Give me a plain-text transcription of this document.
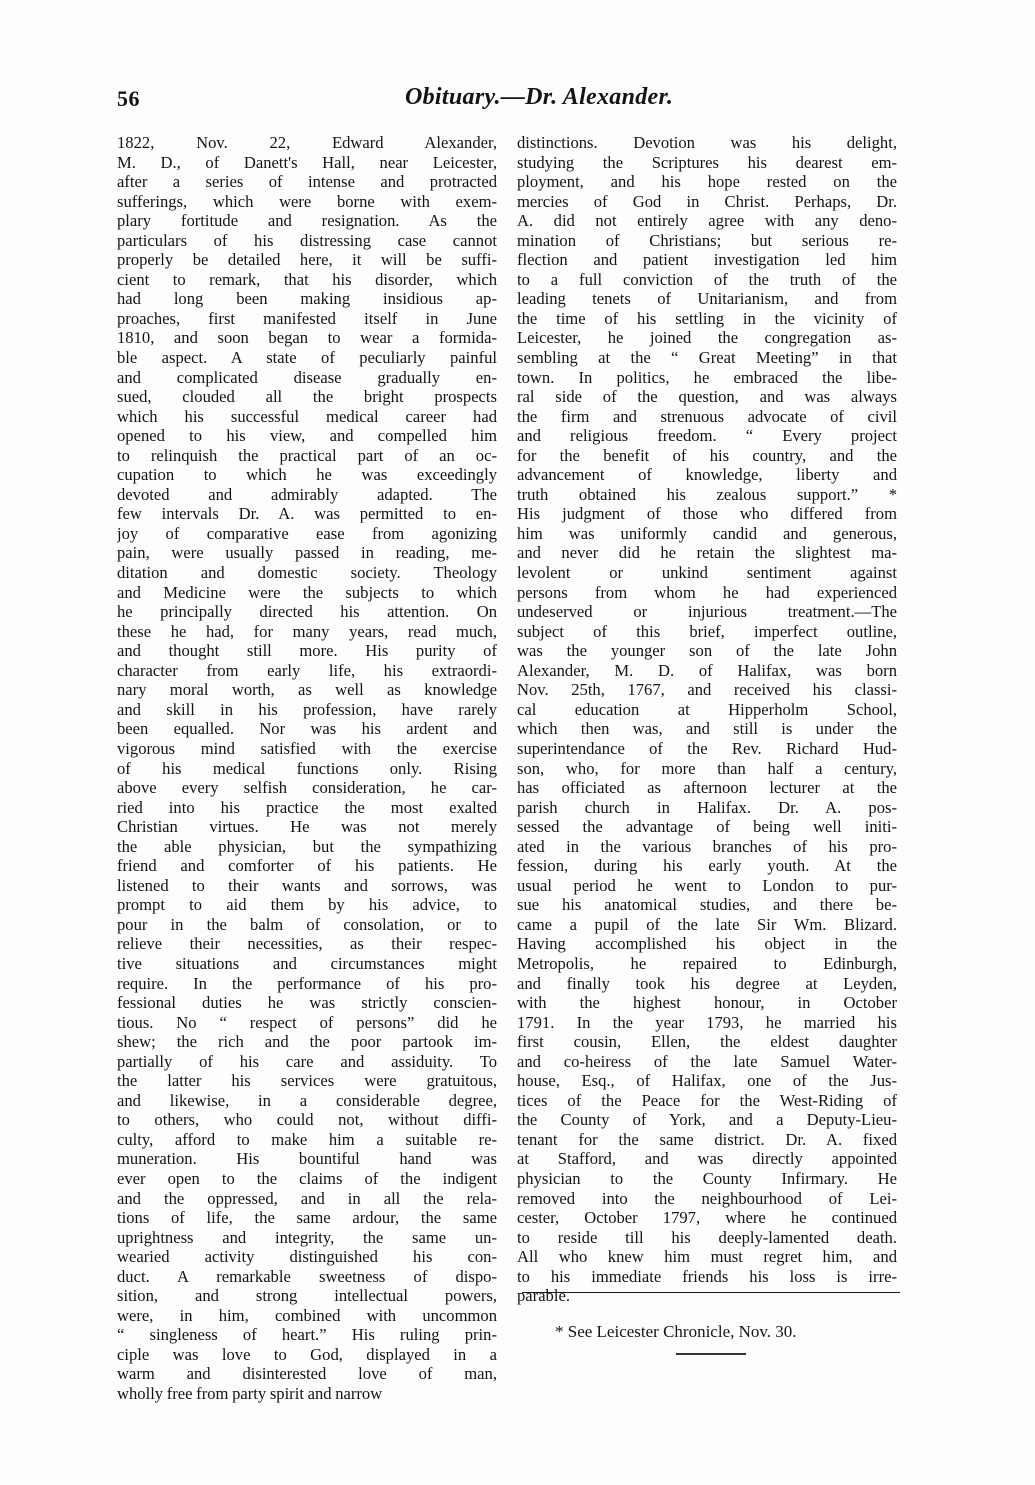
56	Obituary.—Dr. Alexander.
1822, Nov. 22, Edward Alexander,
M. D., of Danett's Hall, near Leicester,
after a series of intense and protracted
sufferings, which were borne with exem-
plary fortitude and resignation. As the
particulars of his distressing case cannot
properly be detailed here, it will be suffi-
cient to remark, that his disorder, which
had long been making insidious ap-
proaches, first manifested itself in June
1810, and soon began to wear a formida-
ble aspect. A state of peculiarly painful
and complicated disease gradually en-
sued, clouded all the bright prospects
which his successful medical career had
opened to his view, and compelled him
to relinquish the practical part of an oc-
cupation to which he was exceedingly
devoted and admirably adapted. The
few intervals Dr. A. was permitted to en-
joy of comparative ease from agonizing
pain, were usually passed in reading, me-
ditation and domestic society. Theology
and Medicine were the subjects to which
he principally directed his attention. On
these he had, for many years, read much,
and thought still more. His purity of
character from early life, his extraordi-
nary moral worth, as well as knowledge
and skill in his profession, have rarely
been equalled. Nor was his ardent and
vigorous mind satisfied with the exercise
of his medical functions only. Rising
above every selfish consideration, he car-
ried into his practice the most exalted
Christian virtues. He was not merely
the able physician, but the sympathizing
friend and comforter of his patients. He
listened to their wants and sorrows, was
prompt to aid them by his advice, to
pour in the balm of consolation, or to
relieve their necessities, as their respec-
tive situations and circumstances might
require. In the performance of his pro-
fessional duties he was strictly conscien-
tious. No “ respect of persons” did he
shew; the rich and the poor partook im-
partially of his care and assiduity. To
the latter his services were gratuitous,
and likewise, in a considerable degree,
to others, who could not, without diffi-
culty, afford to make him a suitable re-
muneration. His bountiful hand was
ever open to the claims of the indigent
and the oppressed, and in all the rela-
tions of life, the same ardour, the same
uprightness and integrity, the same un-
wearied activity distinguished his con-
duct. A remarkable sweetness of dispo-
sition, and strong intellectual powers,
were, in him, combined with uncommon
“ singleness of heart.” His ruling prin-
ciple was love to God, displayed in a
warm and disinterested love of man,
wholly free from party spirit and narrow
distinctions. Devotion was his delight,
studying the Scriptures his dearest em-
ployment, and his hope rested on the
mercies of God in Christ. Perhaps, Dr.
A. did not entirely agree with any deno-
mination of Christians; but serious re-
flection and patient investigation led him
to a full conviction of the truth of the
leading tenets of Unitarianism, and from
the time of his settling in the vicinity of
Leicester, he joined the congregation as-
sembling at the “ Great Meeting” in that
town. In politics, he embraced the libe-
ral side of the question, and was always
the firm and strenuous advocate of civil
and religious freedom. “ Every project
for the benefit of his country, and the
advancement of knowledge, liberty and
truth obtained his zealous support.” *
His judgment of those who differed from
him was uniformly candid and generous,
and never did he retain the slightest ma-
levolent or unkind sentiment against
persons from whom he had experienced
undeserved or injurious treatment.—The
subject of this brief, imperfect outline,
was the younger son of the late John
Alexander, M. D. of Halifax, was born
Nov. 25th, 1767, and received his classi-
cal education at Hipperholm School,
which then was, and still is under the
superintendance of the Rev. Richard Hud-
son, who, for more than half a century,
has officiated as afternoon lecturer at the
parish church in Halifax. Dr. A. pos-
sessed the advantage of being well initi-
ated in the various branches of his pro-
fession, during his early youth. At the
usual period he went to London to pur-
sue his anatomical studies, and there be-
came a pupil of the late Sir Wm. Blizard.
Having accomplished his object in the
Metropolis, he repaired to Edinburgh,
and finally took his degree at Leyden,
with the highest honour, in October
1791. In the year 1793, he married his
first cousin, Ellen, the eldest daughter
and co-heiress of the late Samuel Water-
house, Esq., of Halifax, one of the Jus-
tices of the Peace for the West-Riding of
the County of York, and a Deputy-Lieu-
tenant for the same district. Dr. A. fixed
at Stafford, and was directly appointed
physician to the County Infirmary. He
removed into the neighbourhood of Lei-
cester, October 1797, where he continued
to reside till his deeply-lamented death.
All who knew him must regret him, and
to his immediate friends his loss is irre-
parable.
* See Leicester Chronicle, Nov. 30.
